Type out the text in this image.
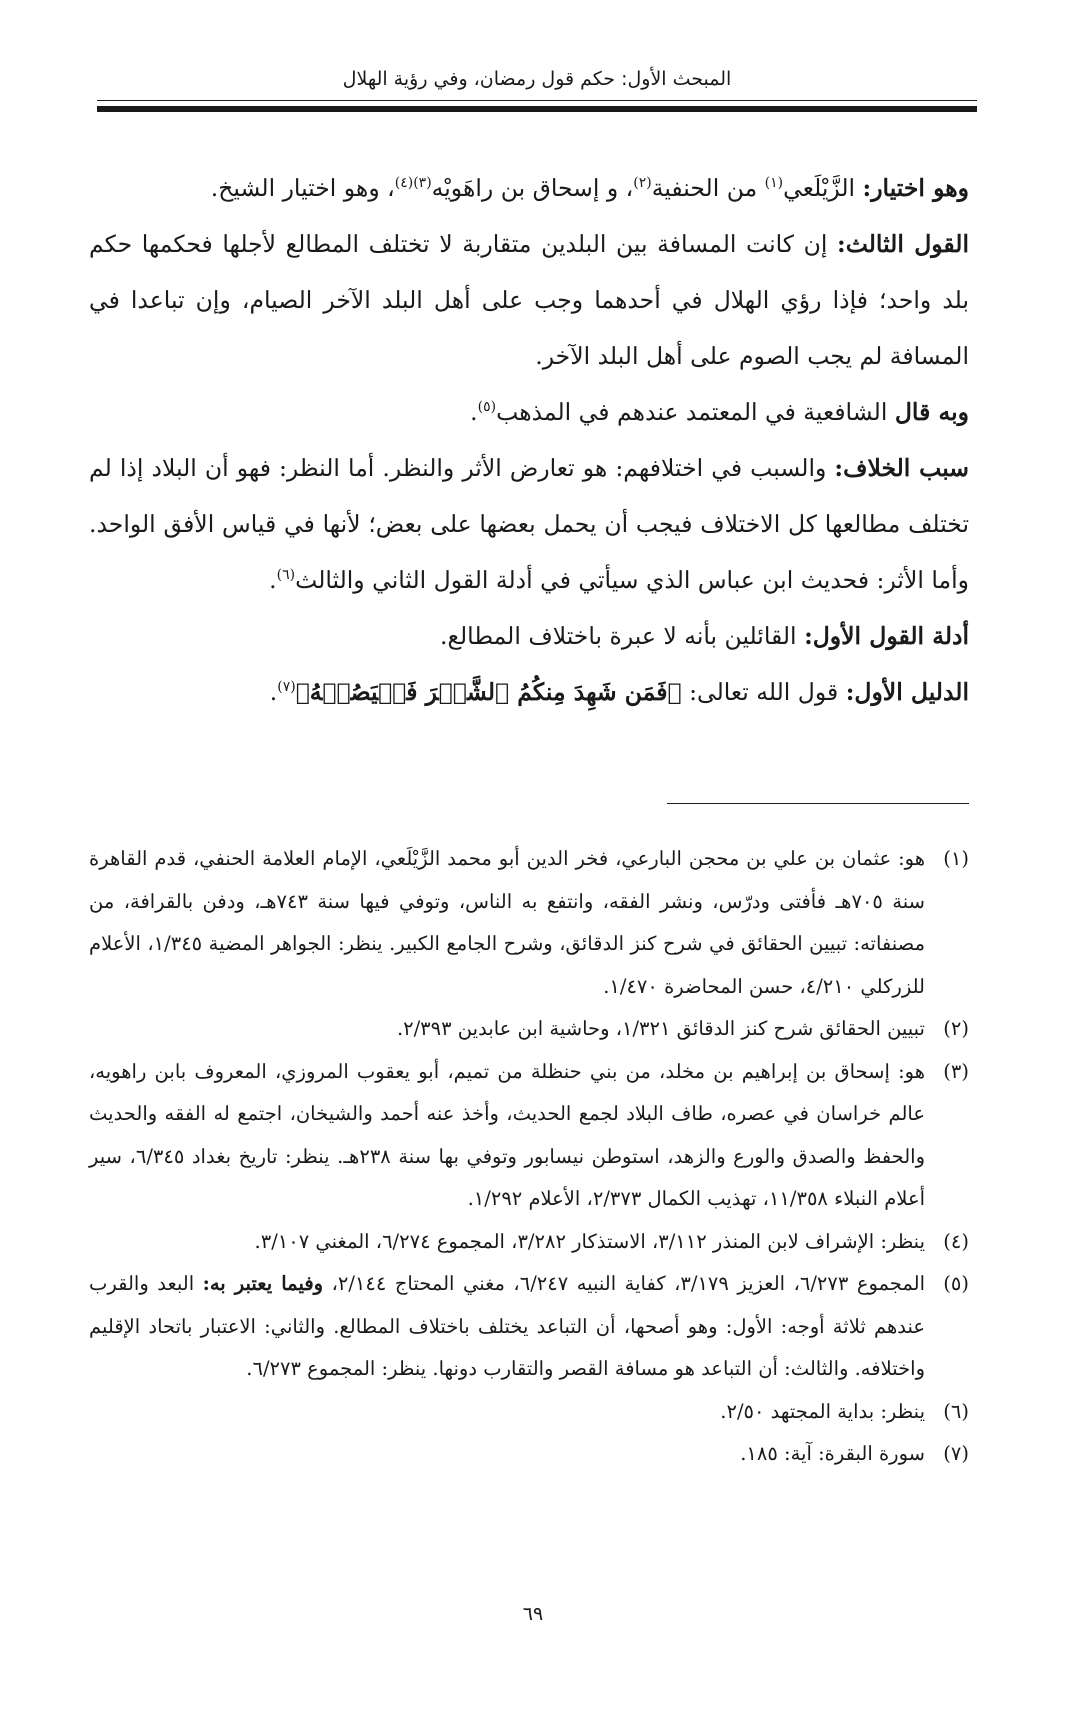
المبحث الأول: حكم قول رمضان، وفي رؤية الهلال

وهو اختيار: الزَّيْلَعي$^{(١)}$ من الحنفية$^{(٢)}$، و إسحاق بن راهَويْه$^{(٣)(٤)}$، وهو اختيار الشيخ.

القول الثالث: إن كانت المسافة بين البلدين متقاربة لا تختلف المطالع لأجلها فحكمها حكم بلد واحد؛ فإذا رؤي الهلال في أحدهما وجب على أهل البلد الآخر الصيام، وإن تباعدا في المسافة لم يجب الصوم على أهل البلد الآخر.

وبه قال الشافعية في المعتمد عندهم في المذهب$^{(٥)}$.

سبب الخلاف: والسبب في اختلافهم: هو تعارض الأثر والنظر. أما النظر: فهو أن البلاد إذا لم تختلف مطالعها كل الاختلاف فيجب أن يحمل بعضها على بعض؛ لأنها في قياس الأفق الواحد. وأما الأثر: فحديث ابن عباس الذي سيأتي في أدلة القول الثاني والثالث$^{(٦)}$.

أدلة القول الأول: القائلين بأنه لا عبرة باختلاف المطالع.

الدليل الأول: قول الله تعالى: ﴿فَمَن شَهِدَ مِنكُمُ ٱلشَّهۡرَ فَلۡيَصُمۡهُ﴾$^{(٧)}$.

(١)
هو: عثمان بن علي بن محجن البارعي، فخر الدين أبو محمد الزَّيْلَعي، الإمام العلامة الحنفي، قدم القاهرة سنة ٧٠٥هـ فأفتى ودرّس، ونشر الفقه، وانتفع به الناس، وتوفي فيها سنة ٧٤٣هـ، ودفن بالقرافة، من مصنفاته: تبيين الحقائق في شرح كنز الدقائق، وشرح الجامع الكبير. ينظر: الجواهر المضية ١/٣٤٥، الأعلام للزركلي ٤/٢١٠، حسن المحاضرة ١/٤٧٠.
(٢)
تبيين الحقائق شرح كنز الدقائق ١/٣٢١، وحاشية ابن عابدين ٢/٣٩٣.
(٣)
هو: إسحاق بن إبراهيم بن مخلد، من بني حنظلة من تميم، أبو يعقوب المروزي، المعروف بابن راهويه، عالم خراسان في عصره، طاف البلاد لجمع الحديث، وأخذ عنه أحمد والشيخان، اجتمع له الفقه والحديث والحفظ والصدق والورع والزهد، استوطن نيسابور وتوفي بها سنة ٢٣٨هـ. ينظر: تاريخ بغداد ٦/٣٤٥، سير أعلام النبلاء ١١/٣٥٨، تهذيب الكمال ٢/٣٧٣، الأعلام ١/٢٩٢.
(٤)
ينظر: الإشراف لابن المنذر ٣/١١٢، الاستذكار ٣/٢٨٢، المجموع ٦/٢٧٤، المغني ٣/١٠٧.
(٥)
المجموع ٦/٢٧٣، العزيز ٣/١٧٩، كفاية النبيه ٦/٢٤٧، مغني المحتاج ٢/١٤٤، وفيما يعتبر به: البعد والقرب عندهم ثلاثة أوجه: الأول: وهو أصحها، أن التباعد يختلف باختلاف المطالع. والثاني: الاعتبار باتحاد الإقليم واختلافه. والثالث: أن التباعد هو مسافة القصر والتقارب دونها. ينظر: المجموع ٦/٢٧٣.
(٦)
ينظر: بداية المجتهد ٢/٥٠.
(٧)
سورة البقرة: آية: ١٨٥.
٦٩
